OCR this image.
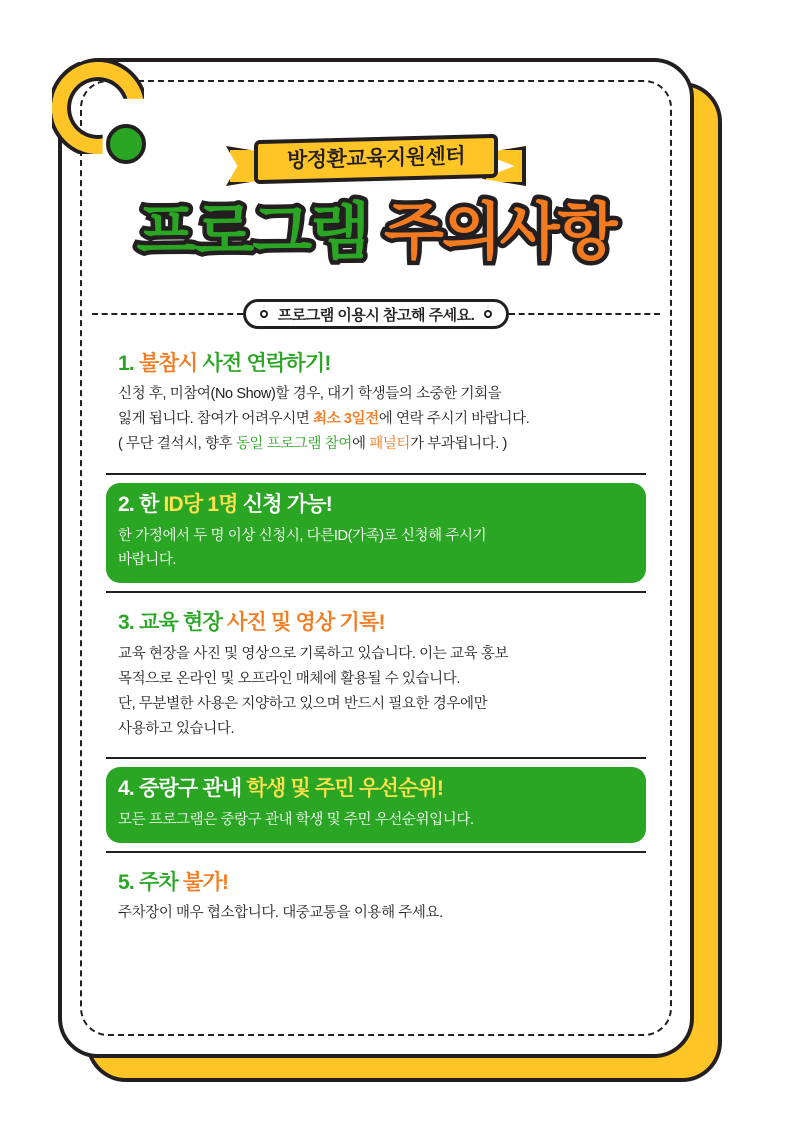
방정환교육지원센터
프로그램 주의사항
프로그램 이용시 참고해 주세요.
1. 불참시 사전 연락하기!
신청 후, 미참여(No Show)할 경우, 대기 학생들의 소중한 기회을
잃게 됩니다. 참여가 어려우시면 최소 3일전에 연락 주시기 바랍니다.
( 무단 결석시, 향후 동일 프로그램 참여에 패널티가 부과됩니다. )
2. 한 ID당 1명 신청 가능!
한 가정에서 두 명 이상 신청시, 다른ID(가족)로 신청해 주시기
바랍니다.
3. 교육 현장 사진 및 영상 기록!
교육 현장을 사진 및 영상으로 기록하고 있습니다. 이는 교육 홍보
목적으로 온라인 및 오프라인 매체에 활용될 수 있습니다.
단, 무분별한 사용은 지양하고 있으며 반드시 필요한 경우에만
사용하고 있습니다.
4. 중랑구 관내 학생 및 주민 우선순위!
모든 프로그램은 중랑구 관내 학생 및 주민 우선순위입니다.
5. 주차 불가!
주차장이 매우 협소합니다. 대중교통을 이용해 주세요.
